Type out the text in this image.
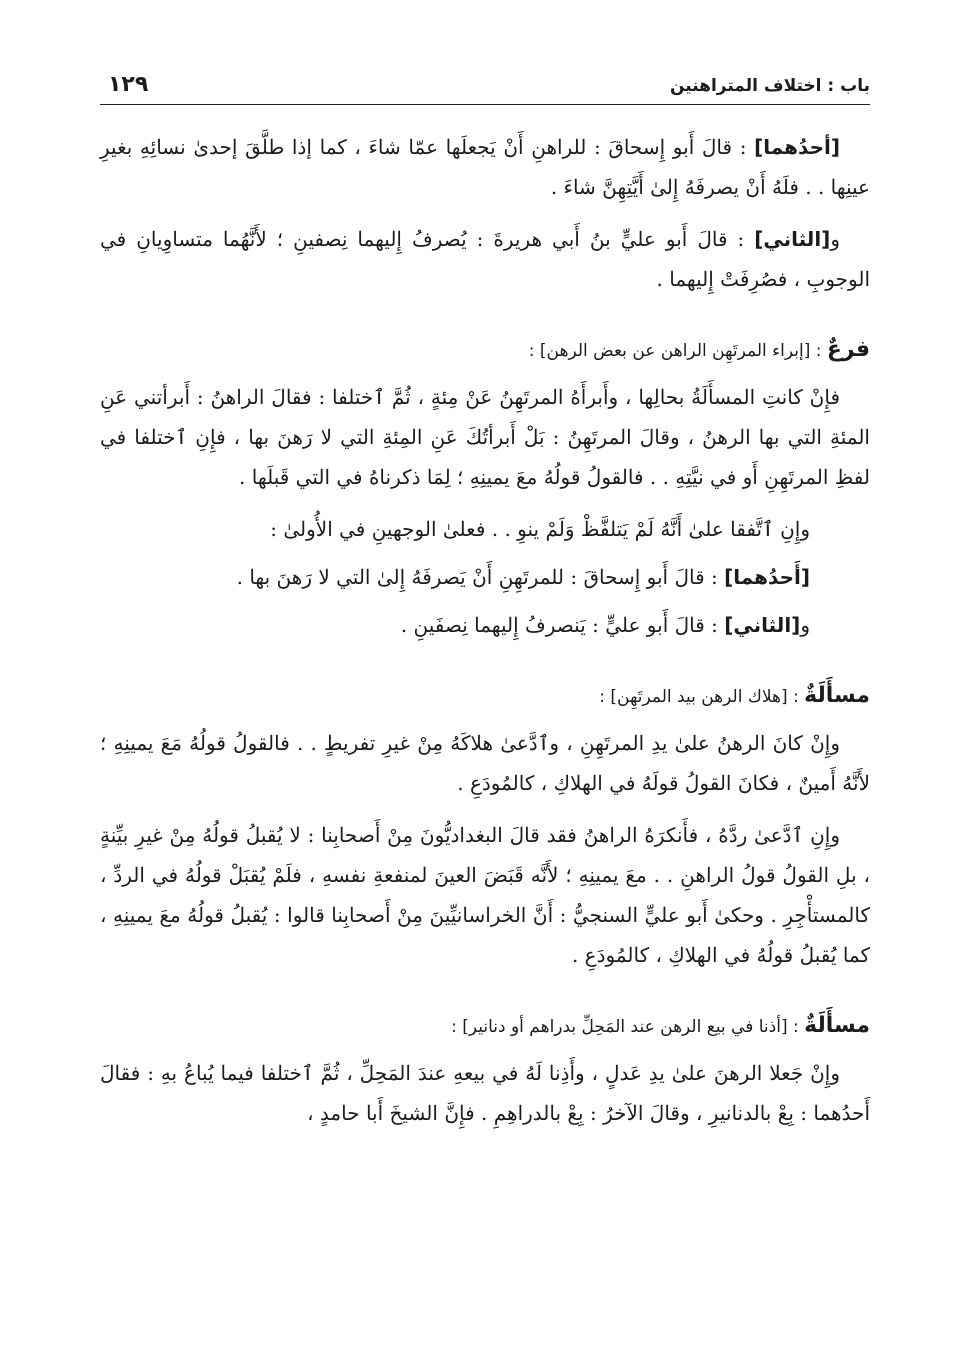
باب : اختلاف المتراهنين
١٢٩

[أحدُهما] : قالَ أَبو إِسحاقَ : للراهنِ أَنْ يَجعلَها عمّا شاءَ ، كما إذا طلَّقَ إحدىٰ نسائِهِ بغيرِ عينِها . . فلَهُ أَنْ يصرفَهُ إِلىٰ أَيَّتِهِنَّ شاءَ .

و[الثاني] : قالَ أَبو عليٍّ بنُ أَبي هريرةَ : يُصرفُ إِليهما نِصفينِ ؛ لأَنَّهُما متساوِيانِ في الوجوبِ ، فصُرِفَتْ إِليهما .

فرعٌ : [إبراء المرتَهِن الراهن عن بعض الرهن] :

فإِنْ كانتِ المسأَلَةُ بحالِها ، وأَبرأَهُ المرتَهِنُ عَنْ مِئةٍ ، ثُمَّ ٱختلفا : فقالَ الراهنُ : أَبرأتني عَنِ المئةِ التي بها الرهنُ ، وقالَ المرتَهِنُ : بَلْ أَبرأتُكَ عَنِ المِئةِ التي لا رَهنَ بها ، فإِنِ ٱختلفا في لفظِ المرتَهِنِ أَو في نيَّتِهِ . . فالقولُ قولُهُ معَ يمينِهِ ؛ لِمَا ذكرناهُ في التي قَبلَها .

وإِنِ ٱتَّفقا علىٰ أَنَّهُ لَمْ يَتلفَّظْ وَلَمْ ينوِ . . فعلىٰ الوجهينِ في الأُولىٰ :

[أَحدُهما] : قالَ أَبو إِسحاقَ : للمرتَهِنِ أَنْ يَصرفَهُ إِلىٰ التي لا رَهنَ بها .

و[الثاني] : قالَ أَبو عليٍّ : يَنصرفُ إِليهما نِصفَينِ .

مسأَلَةٌ : [هلاك الرهن بيد المرتَهِن] :

وإِنْ كانَ الرهنُ علىٰ يدِ المرتَهِنِ ، وٱدَّعىٰ هلاكَهُ مِنْ غيرِ تفريطٍ . . فالقولُ قولُهُ مَعَ يمينِهِ ؛ لأَنَّهُ أَمينٌ ، فكانَ القولُ قولَهُ في الهلاكِ ، كالمُودَعِ .

وإِنِ ٱدَّعىٰ ردَّهُ ، فأَنكرَهُ الراهنُ فقد قالَ البغداديُّونَ مِنْ أَصحابِنا : لا يُقبلُ قولُهُ مِنْ غيرِ بيِّنةٍ ، بلِ القولُ قولُ الراهنِ . . معَ يمينِهِ ؛ لأَنَّه قَبَضَ العينَ لمنفعةِ نفسهِ ، فلَمْ يُقبَلْ قولُهُ في الردِّ ، كالمستأْجِرِ . وحكىٰ أَبو عليٍّ السنجيُّ : أَنَّ الخراسانيِّينَ مِنْ أَصحابِنا قالوا : يُقبلُ قولُهُ معَ يمينِهِ ، كما يُقبلُ قولُهُ في الهلاكِ ، كالمُودَعِ .

مسأَلَةٌ : [أذنا في بيع الرهن عند المَحِلِّ بدراهم أو دنانير] :

وإِنْ جَعلا الرهنَ علىٰ يدِ عَدلٍ ، وأَذِنا لَهُ في بيعهِ عندَ المَحِلِّ ، ثُمَّ ٱختلفا فيما يُباعُ بهِ : فقالَ أَحدُهما : بِعْ بالدنانيرِ ، وقالَ الآخرُ : بِعْ بالدراهِمِ . فإِنَّ الشيخَ أَبا حامدٍ ،
